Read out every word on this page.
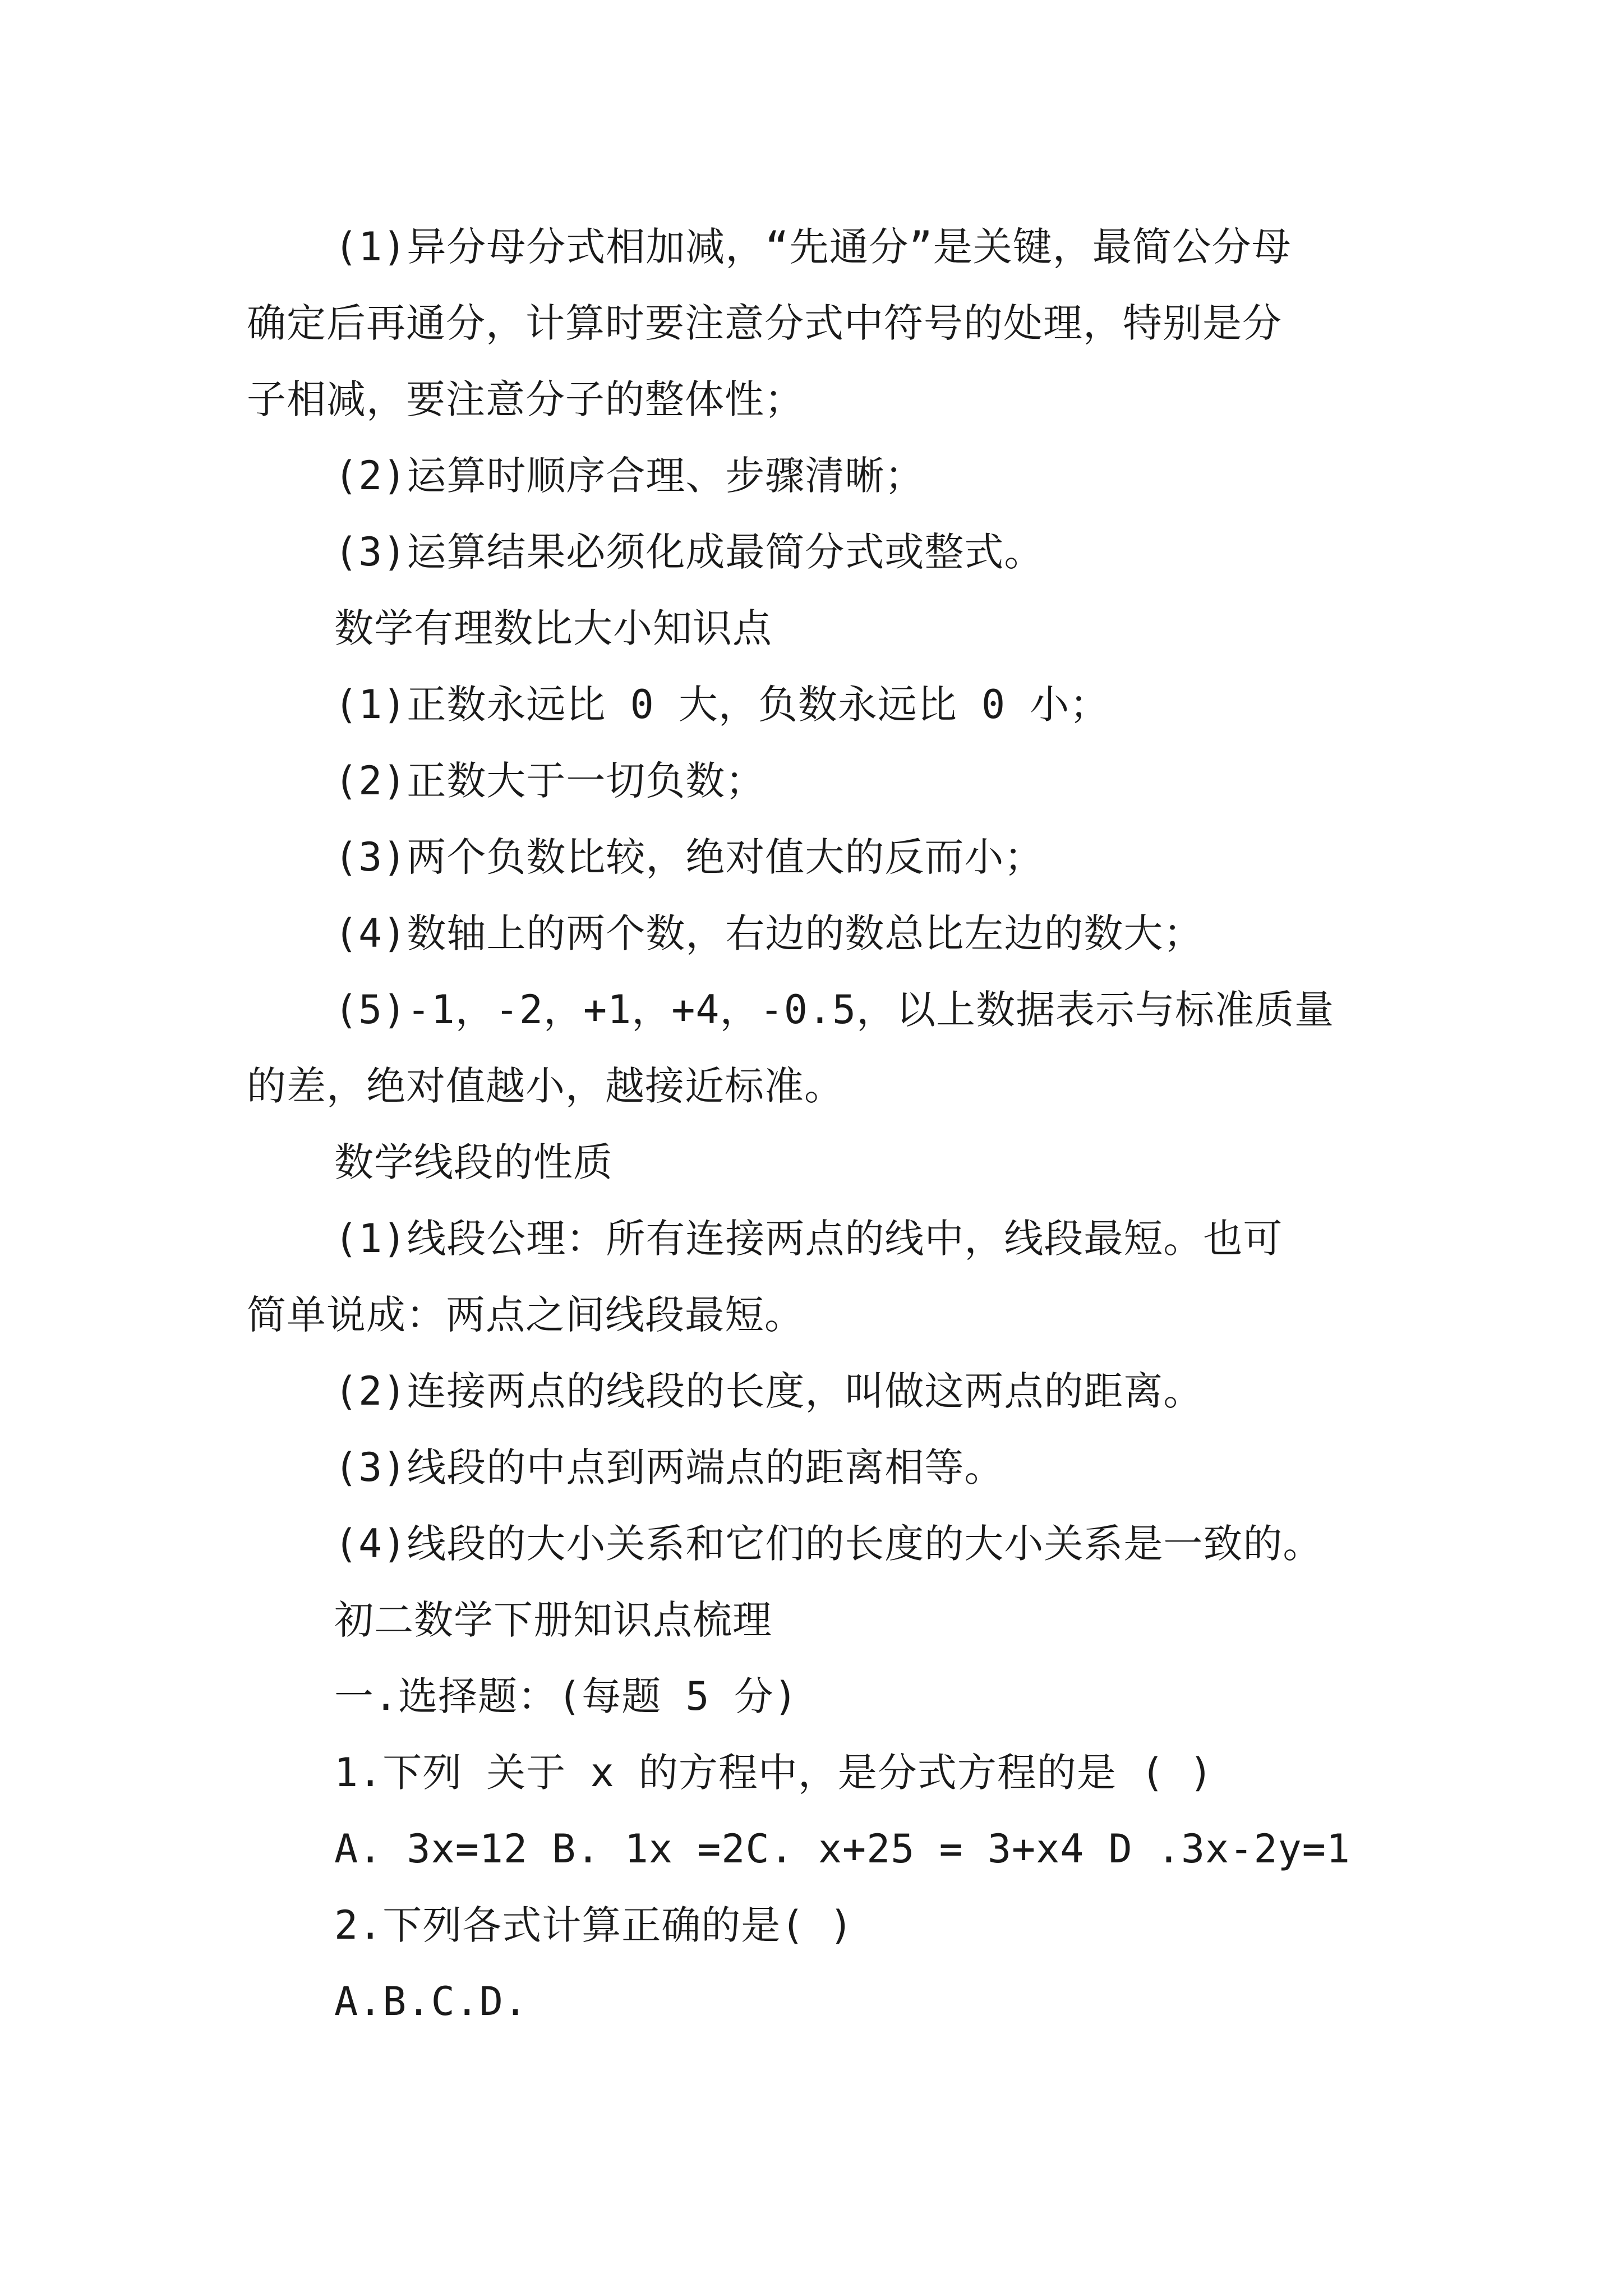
(1)异分母分式相加减，“先通分”是关键，最简公分母
确定后再通分，计算时要注意分式中符号的处理，特别是分
子相减，要注意分子的整体性；
(2)运算时顺序合理、步骤清晰；
(3)运算结果必须化成最简分式或整式。
数学有理数比大小知识点
(1)正数永远比 0 大，负数永远比 0 小；
(2)正数大于一切负数；
(3)两个负数比较，绝对值大的反而小；
(4)数轴上的两个数，右边的数总比左边的数大；
(5)-1，-2，+1，+4，-0.5，以上数据表示与标准质量
的差，绝对值越小，越接近标准。
数学线段的性质
(1)线段公理：所有连接两点的线中，线段最短。也可
简单说成：两点之间线段最短。
(2)连接两点的线段的长度，叫做这两点的距离。
(3)线段的中点到两端点的距离相等。
(4)线段的大小关系和它们的长度的大小关系是一致的。
初二数学下册知识点梳理
一.选择题：(每题 5 分)
1.下列 关于 x 的方程中，是分式方程的是 ( )
A. 3x=12 B. 1x =2C. x+25 = 3+x4 D .3x-2y=1
2.下列各式计算正确的是( )
A.B.C.D.
